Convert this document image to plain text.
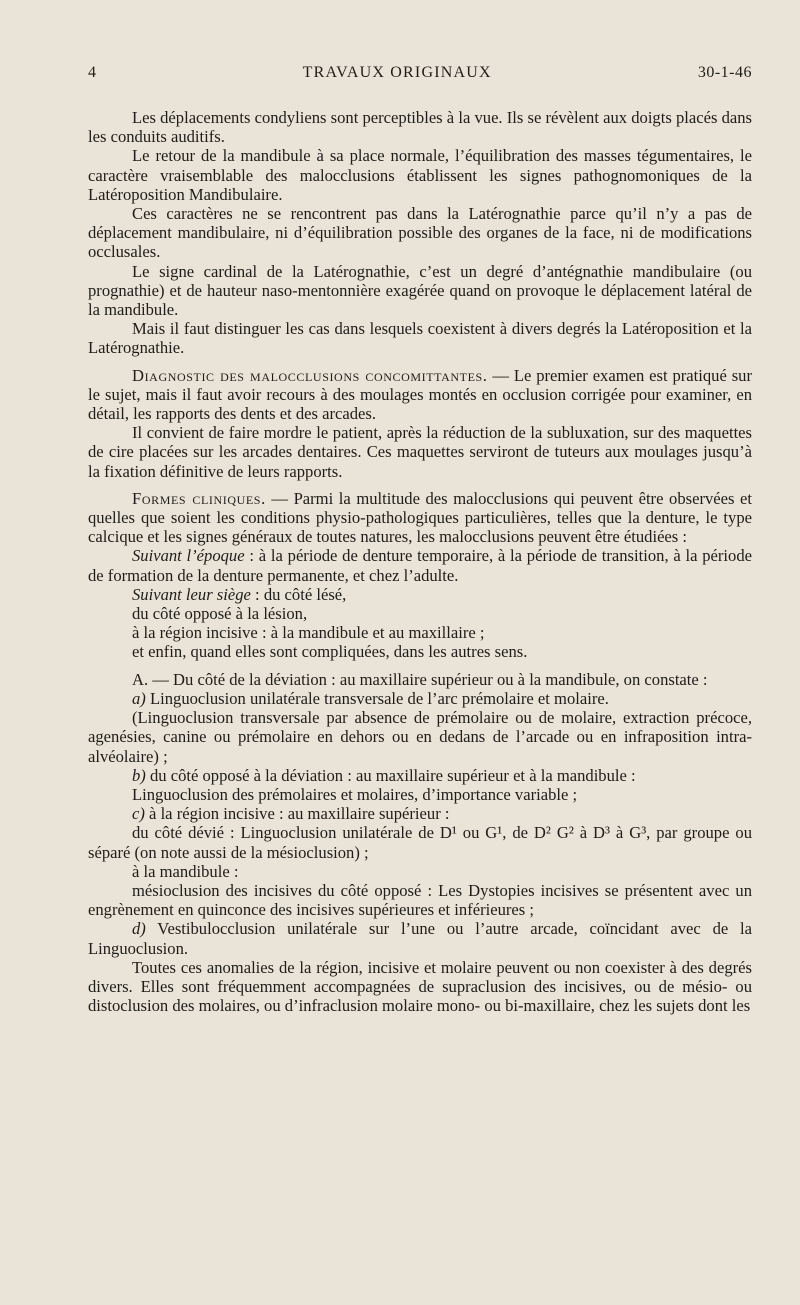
4	TRAVAUX ORIGINAUX	30-1-46

Les déplacements condyliens sont perceptibles à la vue. Ils se révèlent aux doigts placés dans les conduits auditifs.

Le retour de la mandibule à sa place normale, l’équilibration des masses tégumentaires, le caractère vraisemblable des malocclusions établissent les signes pathognomoniques de la Latéroposition Mandibulaire.

Ces caractères ne se rencontrent pas dans la Latérognathie parce qu’il n’y a pas de déplacement mandibulaire, ni d’équilibration possible des organes de la face, ni de modifications occlusales.

Le signe cardinal de la Latérognathie, c’est un degré d’antégnathie mandibulaire (ou prognathie) et de hauteur naso-mentonnière exagérée quand on provoque le déplacement latéral de la mandibule.

Mais il faut distinguer les cas dans lesquels coexistent à divers degrés la Latéroposition et la Latérognathie.

Diagnostic des malocclusions concomittantes. — Le premier examen est pratiqué sur le sujet, mais il faut avoir recours à des moulages montés en occlusion corrigée pour examiner, en détail, les rapports des dents et des arcades.

Il convient de faire mordre le patient, après la réduction de la subluxation, sur des maquettes de cire placées sur les arcades dentaires. Ces maquettes serviront de tuteurs aux moulages jusqu’à la fixation définitive de leurs rapports.

Formes cliniques. — Parmi la multitude des malocclusions qui peuvent être observées et quelles que soient les conditions physio-pathologiques particulières, telles que la denture, le type calcique et les signes généraux de toutes natures, les malocclusions peuvent être étudiées :

Suivant l’époque : à la période de denture temporaire, à la période de transition, à la période de formation de la denture permanente, et chez l’adulte.

Suivant leur siège : du côté lésé,

du côté opposé à la lésion,

à la région incisive : à la mandibule et au maxillaire ;

et enfin, quand elles sont compliquées, dans les autres sens.

A. — Du côté de la déviation : au maxillaire supérieur ou à la mandibule, on constate :

a) Linguoclusion unilatérale transversale de l’arc prémolaire et molaire.

(Linguoclusion transversale par absence de prémolaire ou de molaire, extraction précoce, agenésies, canine ou prémolaire en dehors ou en dedans de l’arcade ou en infraposition intra-alvéolaire) ;

b) du côté opposé à la déviation : au maxillaire supérieur et à la mandibule :

Linguoclusion des prémolaires et molaires, d’importance variable ;

c) à la région incisive : au maxillaire supérieur :

du côté dévié : Linguoclusion unilatérale de D¹ ou G¹, de D² G² à D³ à G³, par groupe ou séparé (on note aussi de la mésioclusion) ;

à la mandibule :

mésioclusion des incisives du côté opposé : Les Dystopies incisives se présentent avec un engrènement en quinconce des incisives supérieures et inférieures ;

d) Vestibulocclusion unilatérale sur l’une ou l’autre arcade, coïncidant avec de la Linguoclusion.

Toutes ces anomalies de la région, incisive et molaire peuvent ou non coexister à des degrés divers. Elles sont fréquemment accompagnées de supraclusion des incisives, ou de mésio- ou distoclusion des molaires, ou d’infraclusion molaire mono- ou bi-maxillaire, chez les sujets dont les
